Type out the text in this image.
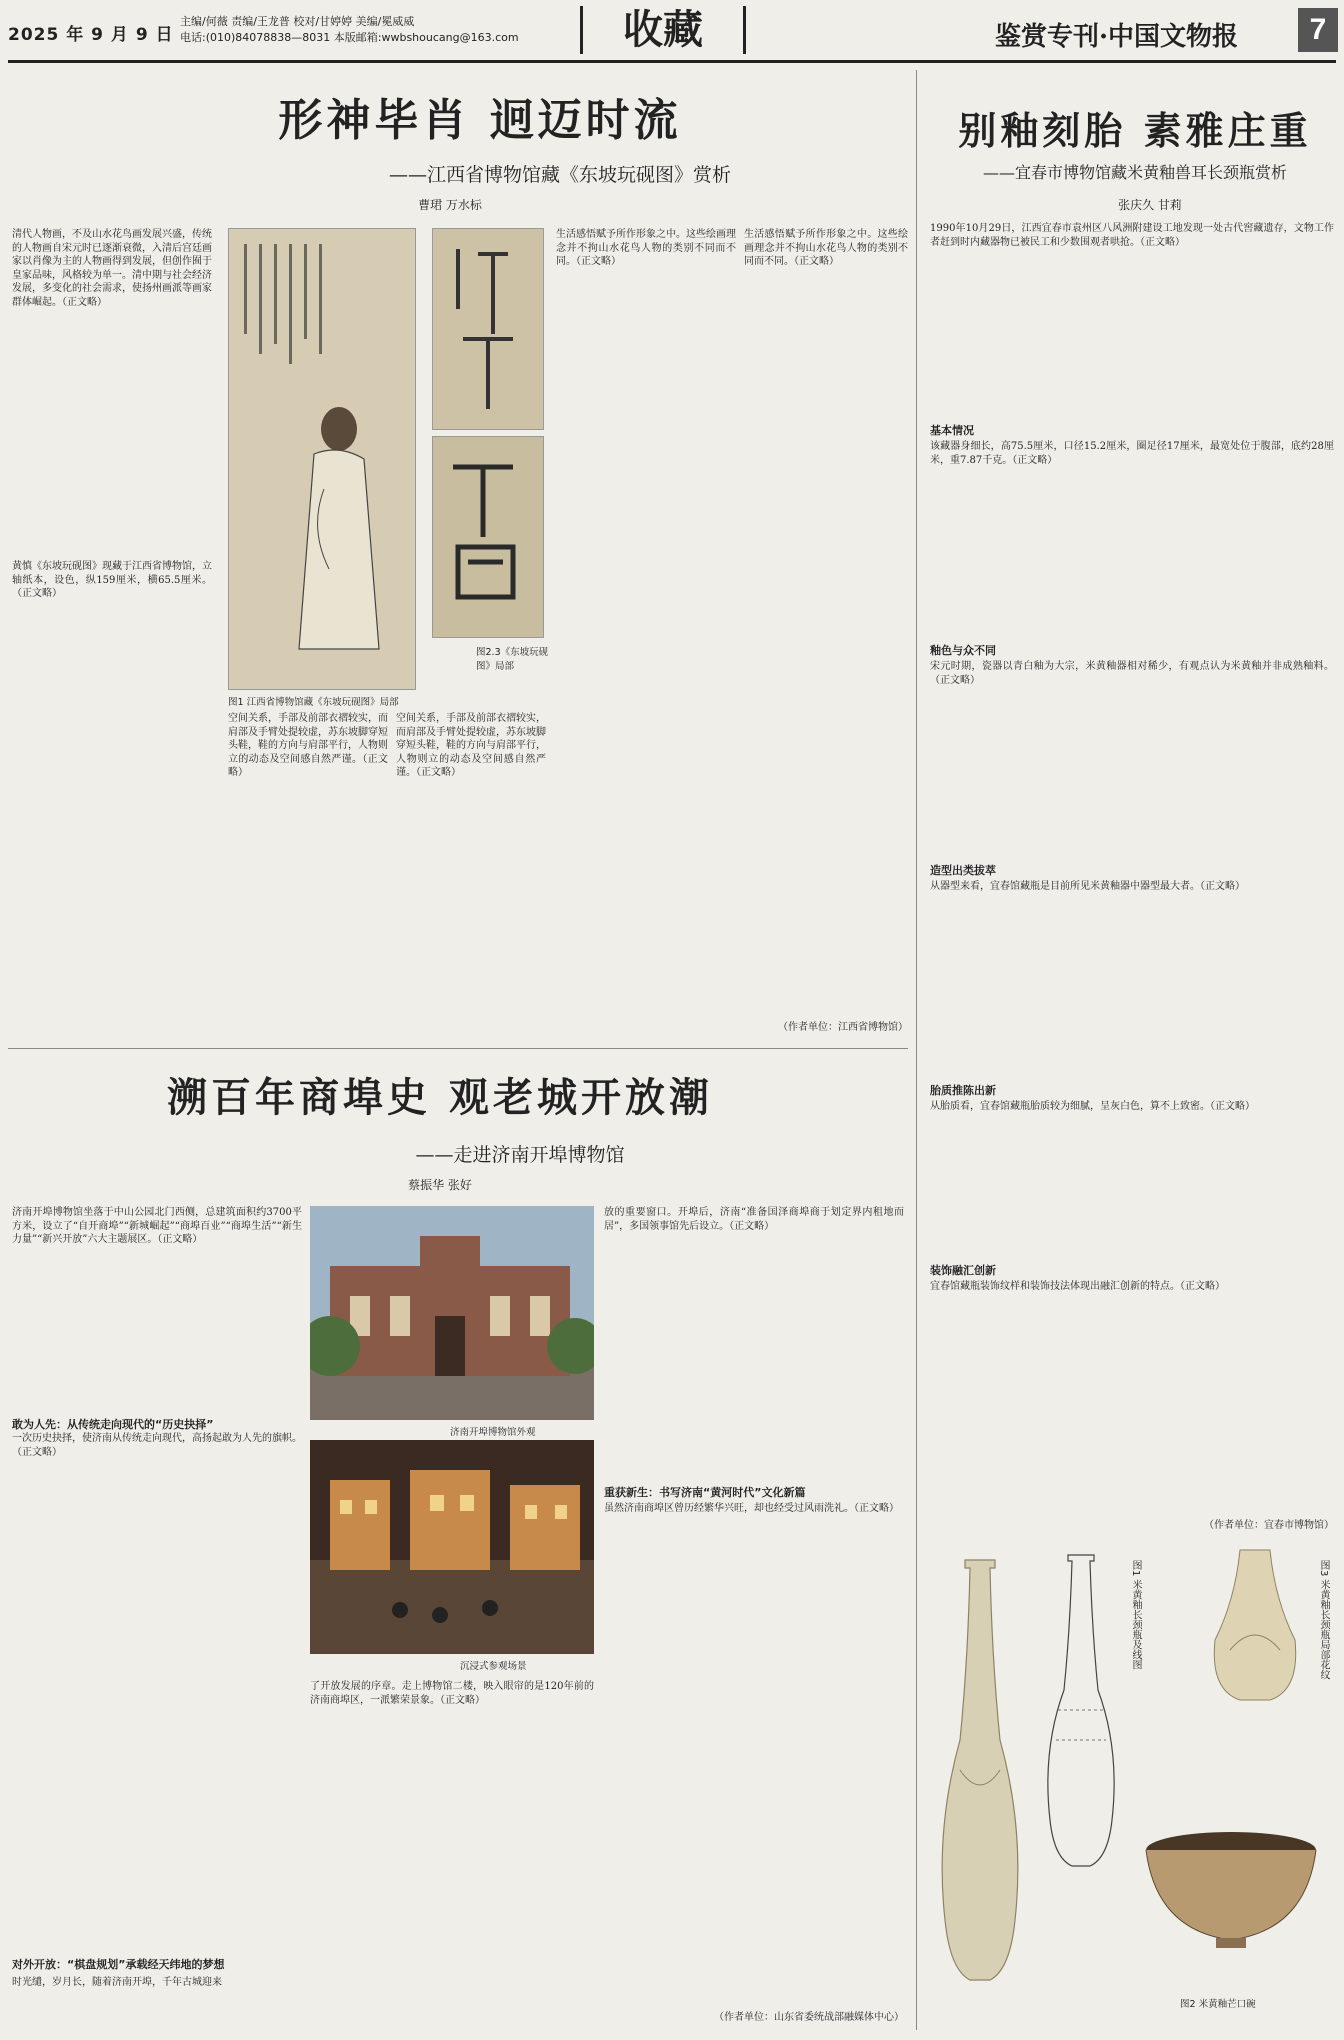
2025 年 9 月 9 日
主编/何薇 责编/王龙普 校对/甘婷婷 美编/冕威威
电话:(010)84078838—8031 本版邮箱:wwbshoucang@163.com	收藏	鉴赏专刊·中国文物报	7
形神毕肖 迥迈时流
——江西省博物馆藏《东坡玩砚图》赏析
曹珺 万水标
清代人物画，不及山水花鸟画发展兴盛，传统的人物画自宋元时已逐渐衰微，入清后宫廷画家以肖像为主的人物画得到发展，但创作囿于皇家品味，风格较为单一。清中期与社会经济发展，多变化的社会需求，使扬州画派等画家群体崛起。（正文略）
黄慎《东坡玩砚图》现藏于江西省博物馆，立轴纸本，设色，纵159厘米，横65.5厘米。（正文略）
图1 江西省博物馆藏《东坡玩砚图》局部
图2.3《东坡玩砚图》局部
空间关系，手部及前部衣褶较实，而肩部及手臂处提较虚，苏东坡脚穿短头鞋，鞋的方向与肩部平行，人物则立的动态及空间感自然严谨。（正文略）
空间关系，手部及前部衣褶较实，而肩部及手臂处提较虚，苏东坡脚穿短头鞋，鞋的方向与肩部平行，人物则立的动态及空间感自然严谨。（正文略）
生活感悟赋予所作形象之中。这些绘画理念并不拘山水花鸟人物的类别不同而不同。（正文略）
生活感悟赋予所作形象之中。这些绘画理念并不拘山水花鸟人物的类别不同而不同。（正文略）
（作者单位：江西省博物馆）
溯百年商埠史 观老城开放潮
——走进济南开埠博物馆
蔡振华 张好
济南开埠博物馆坐落于中山公园北门西侧，总建筑面积约3700平方米，设立了“自开商埠”“新城崛起”“商埠百业”“商埠生活”“新生力量”“新兴开放”六大主题展区。（正文略）
敢为人先：从传统走向现代的“历史抉择”
一次历史抉择，使济南从传统走向现代，高扬起敢为人先的旗帜。（正文略）
对外开放：“棋盘规划”承载经天纬地的梦想
时光缱，岁月长，随着济南开埠，千年古城迎来
济南开埠博物馆外观
沉浸式参观场景
了开放发展的序章。走上博物馆二楼，映入眼帘的是120年前的济南商埠区，一派繁荣景象。（正文略）
放的重要窗口。开埠后，济南“准备国泽商埠商于划定界内租地而居”，多国领事馆先后设立。（正文略）
重获新生：书写济南“黄河时代”文化新篇
虽然济南商埠区曾历经繁华兴旺，却也经受过风雨洗礼。（正文略）
（作者单位：山东省委统战部融媒体中心）
别釉刻胎 素雅庄重
——宜春市博物馆藏米黄釉兽耳长颈瓶赏析
张庆久 甘莉
1990年10月29日，江西宜春市袁州区八风洲附建设工地发现一处古代窖藏遗存，文物工作者赶到时内藏器物已被民工和少数围观者哄抢。（正文略）
基本情况
该藏器身细长，高75.5厘米，口径15.2厘米，圈足径17厘米，最宽处位于腹部，底约28厘米，重7.87千克。（正文略）
釉色与众不同
宋元时期，瓷器以青白釉为大宗，米黄釉器相对稀少，有观点认为米黄釉并非成熟釉料。（正文略）
造型出类拔萃
从器型来看，宜春馆藏瓶是目前所见米黄釉器中器型最大者。（正文略）
胎质推陈出新
从胎质看，宜春馆藏瓶胎质较为细腻，呈灰白色，算不上致密。（正文略）
装饰融汇创新
宜春馆藏瓶装饰纹样和装饰技法体现出融汇创新的特点。（正文略）
（作者单位：宜春市博物馆）
图1 米黄釉长颈瓶及线图	图3 米黄釉长颈瓶局部花纹
图2 米黄釉芒口碗
